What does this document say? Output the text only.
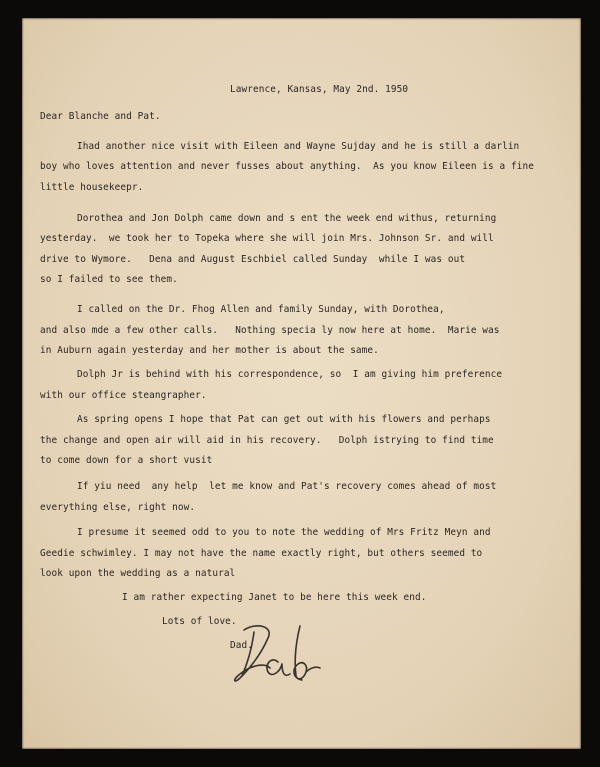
Lawrence, Kansas, May 2nd. 1950
Dear Blanche and Pat.
Ihad another nice visit with Eileen and Wayne Sujday and he is still a darlin
boy who loves attention and never fusses about anything.  As you know Eileen is a fine
little housekeepr.
Dorothea and Jon Dolph came down and s ent the week end withus, returning
yesterday.  we took her to Topeka where she will join Mrs. Johnson Sr. and will
drive to Wymore.   Dena and August Eschbiel called Sunday  while I was out
so I failed to see them.
I called on the Dr. Fhog Allen and family Sunday, with Dorothea,
and also mde a few other calls.   Nothing specia ly now here at home.  Marie was
in Auburn again yesterday and her mother is about the same.
Dolph Jr is behind with his correspondence, so  I am giving him preference
with our office steangrapher.
As spring opens I hope that Pat can get out with his flowers and perhaps
the change and open air will aid in his recovery.   Dolph istrying to find time
to come down for a short vusit
If yiu need  any help  let me know and Pat's recovery comes ahead of most
everything else, right now.
I presume it seemed odd to you to note the wedding of Mrs Fritz Meyn and
Geedie schwimley. I may not have the name exactly right, but others seemed to
look upon the wedding as a natural
I am rather expecting Janet to be here this week end.
Lots of love.
Dad.
